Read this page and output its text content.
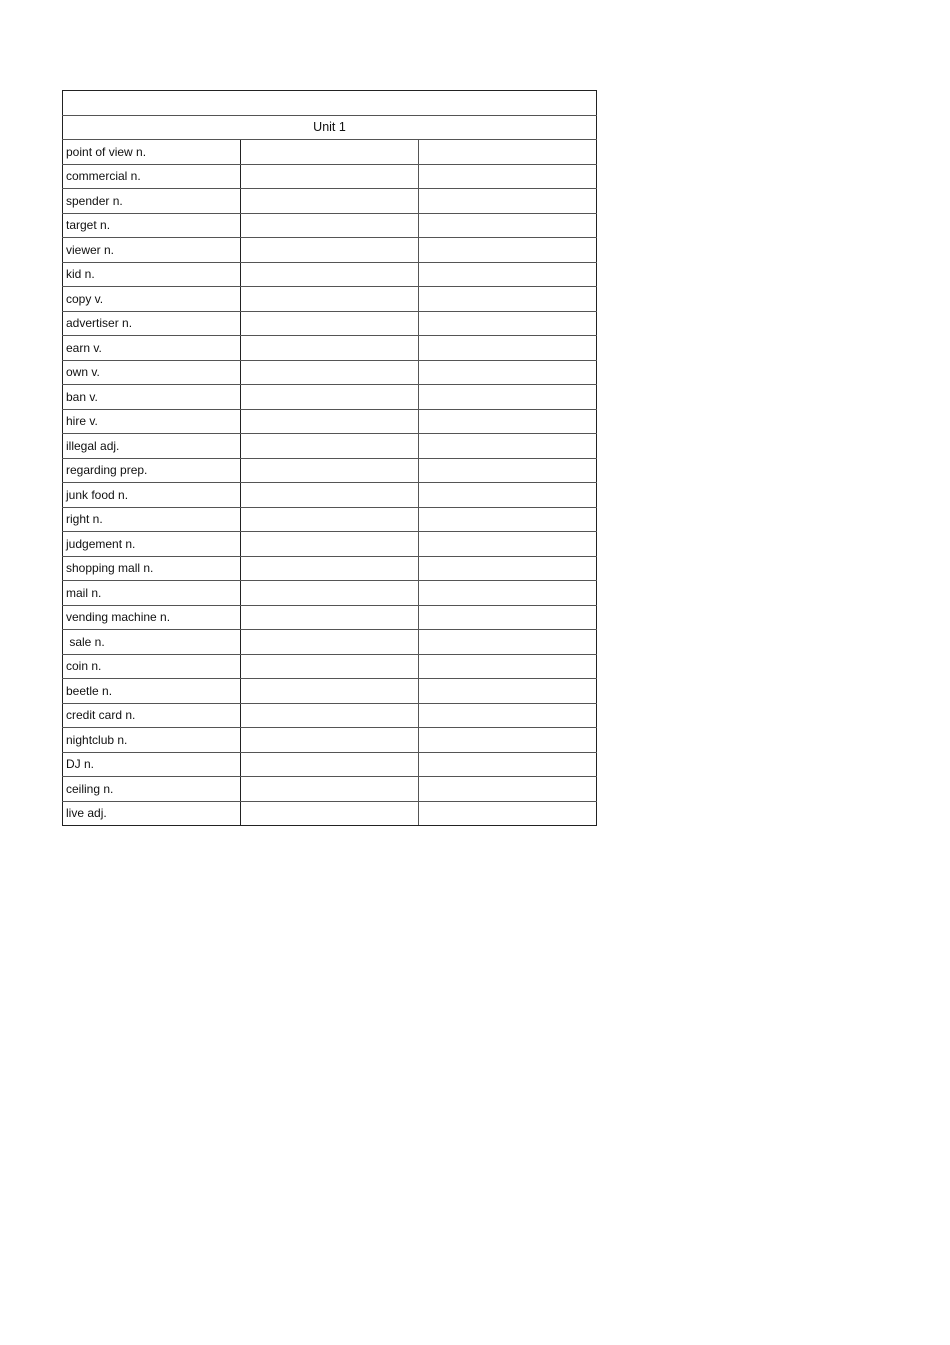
Unit 1		
point of view n.		
commercial n.		
spender n.		
target n.		
viewer n.		
kid n.		
copy v.		
advertiser n.		
earn v.		
own v.		
ban v.		
hire v.		
illegal adj.		
regarding prep.		
junk food n.		
right n.		
judgement n.		
shopping mall n.		
mail n.		
vending machine n.		
sale n.		
coin n.		
beetle n.		
credit card n.		
nightclub n.		
DJ n.		
ceiling n.		
live adj.		
